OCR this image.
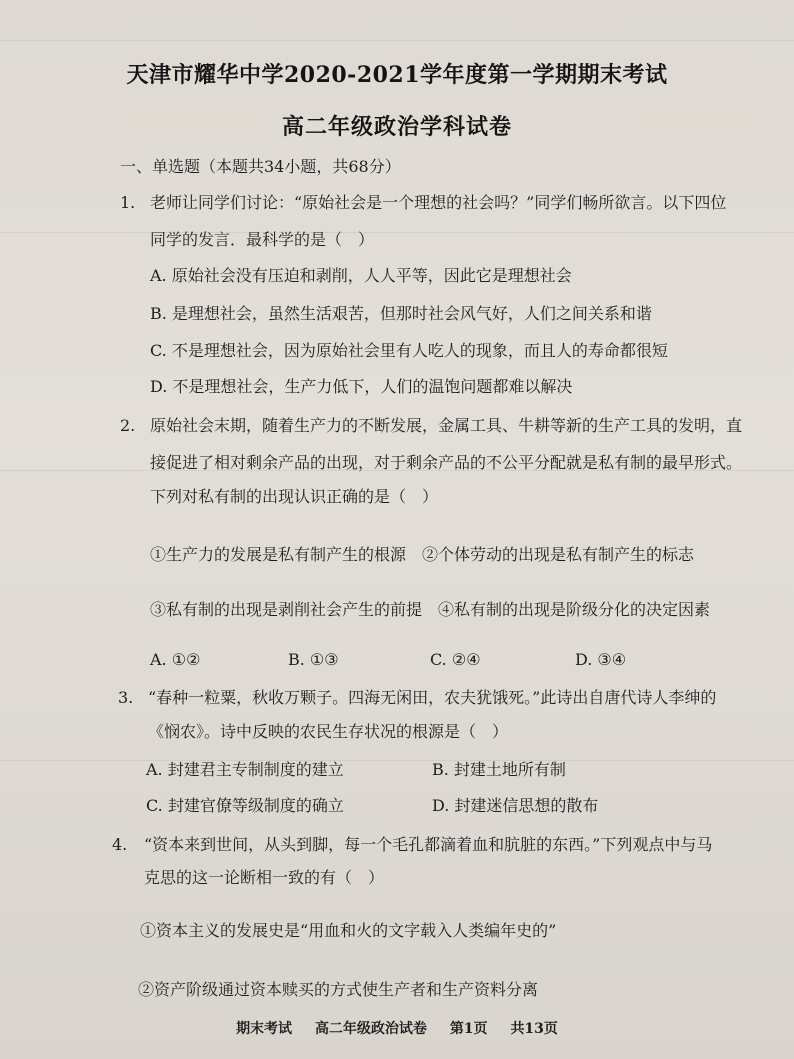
天津市耀华中学2020-2021学年度第一学期期末考试
高二年级政治学科试卷
一、单选题（本题共34小题，共68分）
1. 老师让同学们讨论：“原始社会是一个理想的社会吗？”同学们畅所欲言。以下四位
同学的发言．最科学的是（　）
A. 原始社会没有压迫和剥削，人人平等，因此它是理想社会
B. 是理想社会，虽然生活艰苦，但那时社会风气好，人们之间关系和谐
C. 不是理想社会，因为原始社会里有人吃人的现象，而且人的寿命都很短
D. 不是理想社会，生产力低下，人们的温饱问题都难以解决
2. 原始社会末期，随着生产力的不断发展，金属工具、牛耕等新的生产工具的发明，直
接促进了相对剩余产品的出现，对于剩余产品的不公平分配就是私有制的最早形式。
下列对私有制的出现认识正确的是（　）
①生产力的发展是私有制产生的根源　②个体劳动的出现是私有制产生的标志
③私有制的出现是剥削社会产生的前提　④私有制的出现是阶级分化的决定因素
A. ①②	B. ①③	C. ②④	D. ③④
3. “春种一粒粟，秋收万颗子。四海无闲田，农夫犹饿死。”此诗出自唐代诗人李绅的
《悯农》。诗中反映的农民生存状况的根源是（　）
A. 封建君主专制制度的建立	B. 封建土地所有制
C. 封建官僚等级制度的确立	D. 封建迷信思想的散布
4. “资本来到世间，从头到脚，每一个毛孔都滴着血和肮脏的东西。”下列观点中与马
克思的这一论断相一致的有（　）
①资本主义的发展史是“用血和火的文字载入人类编年史的”
②资产阶级通过资本赎买的方式使生产者和生产资料分离
期末考试 高二年级政治试卷 第1页 共13页
